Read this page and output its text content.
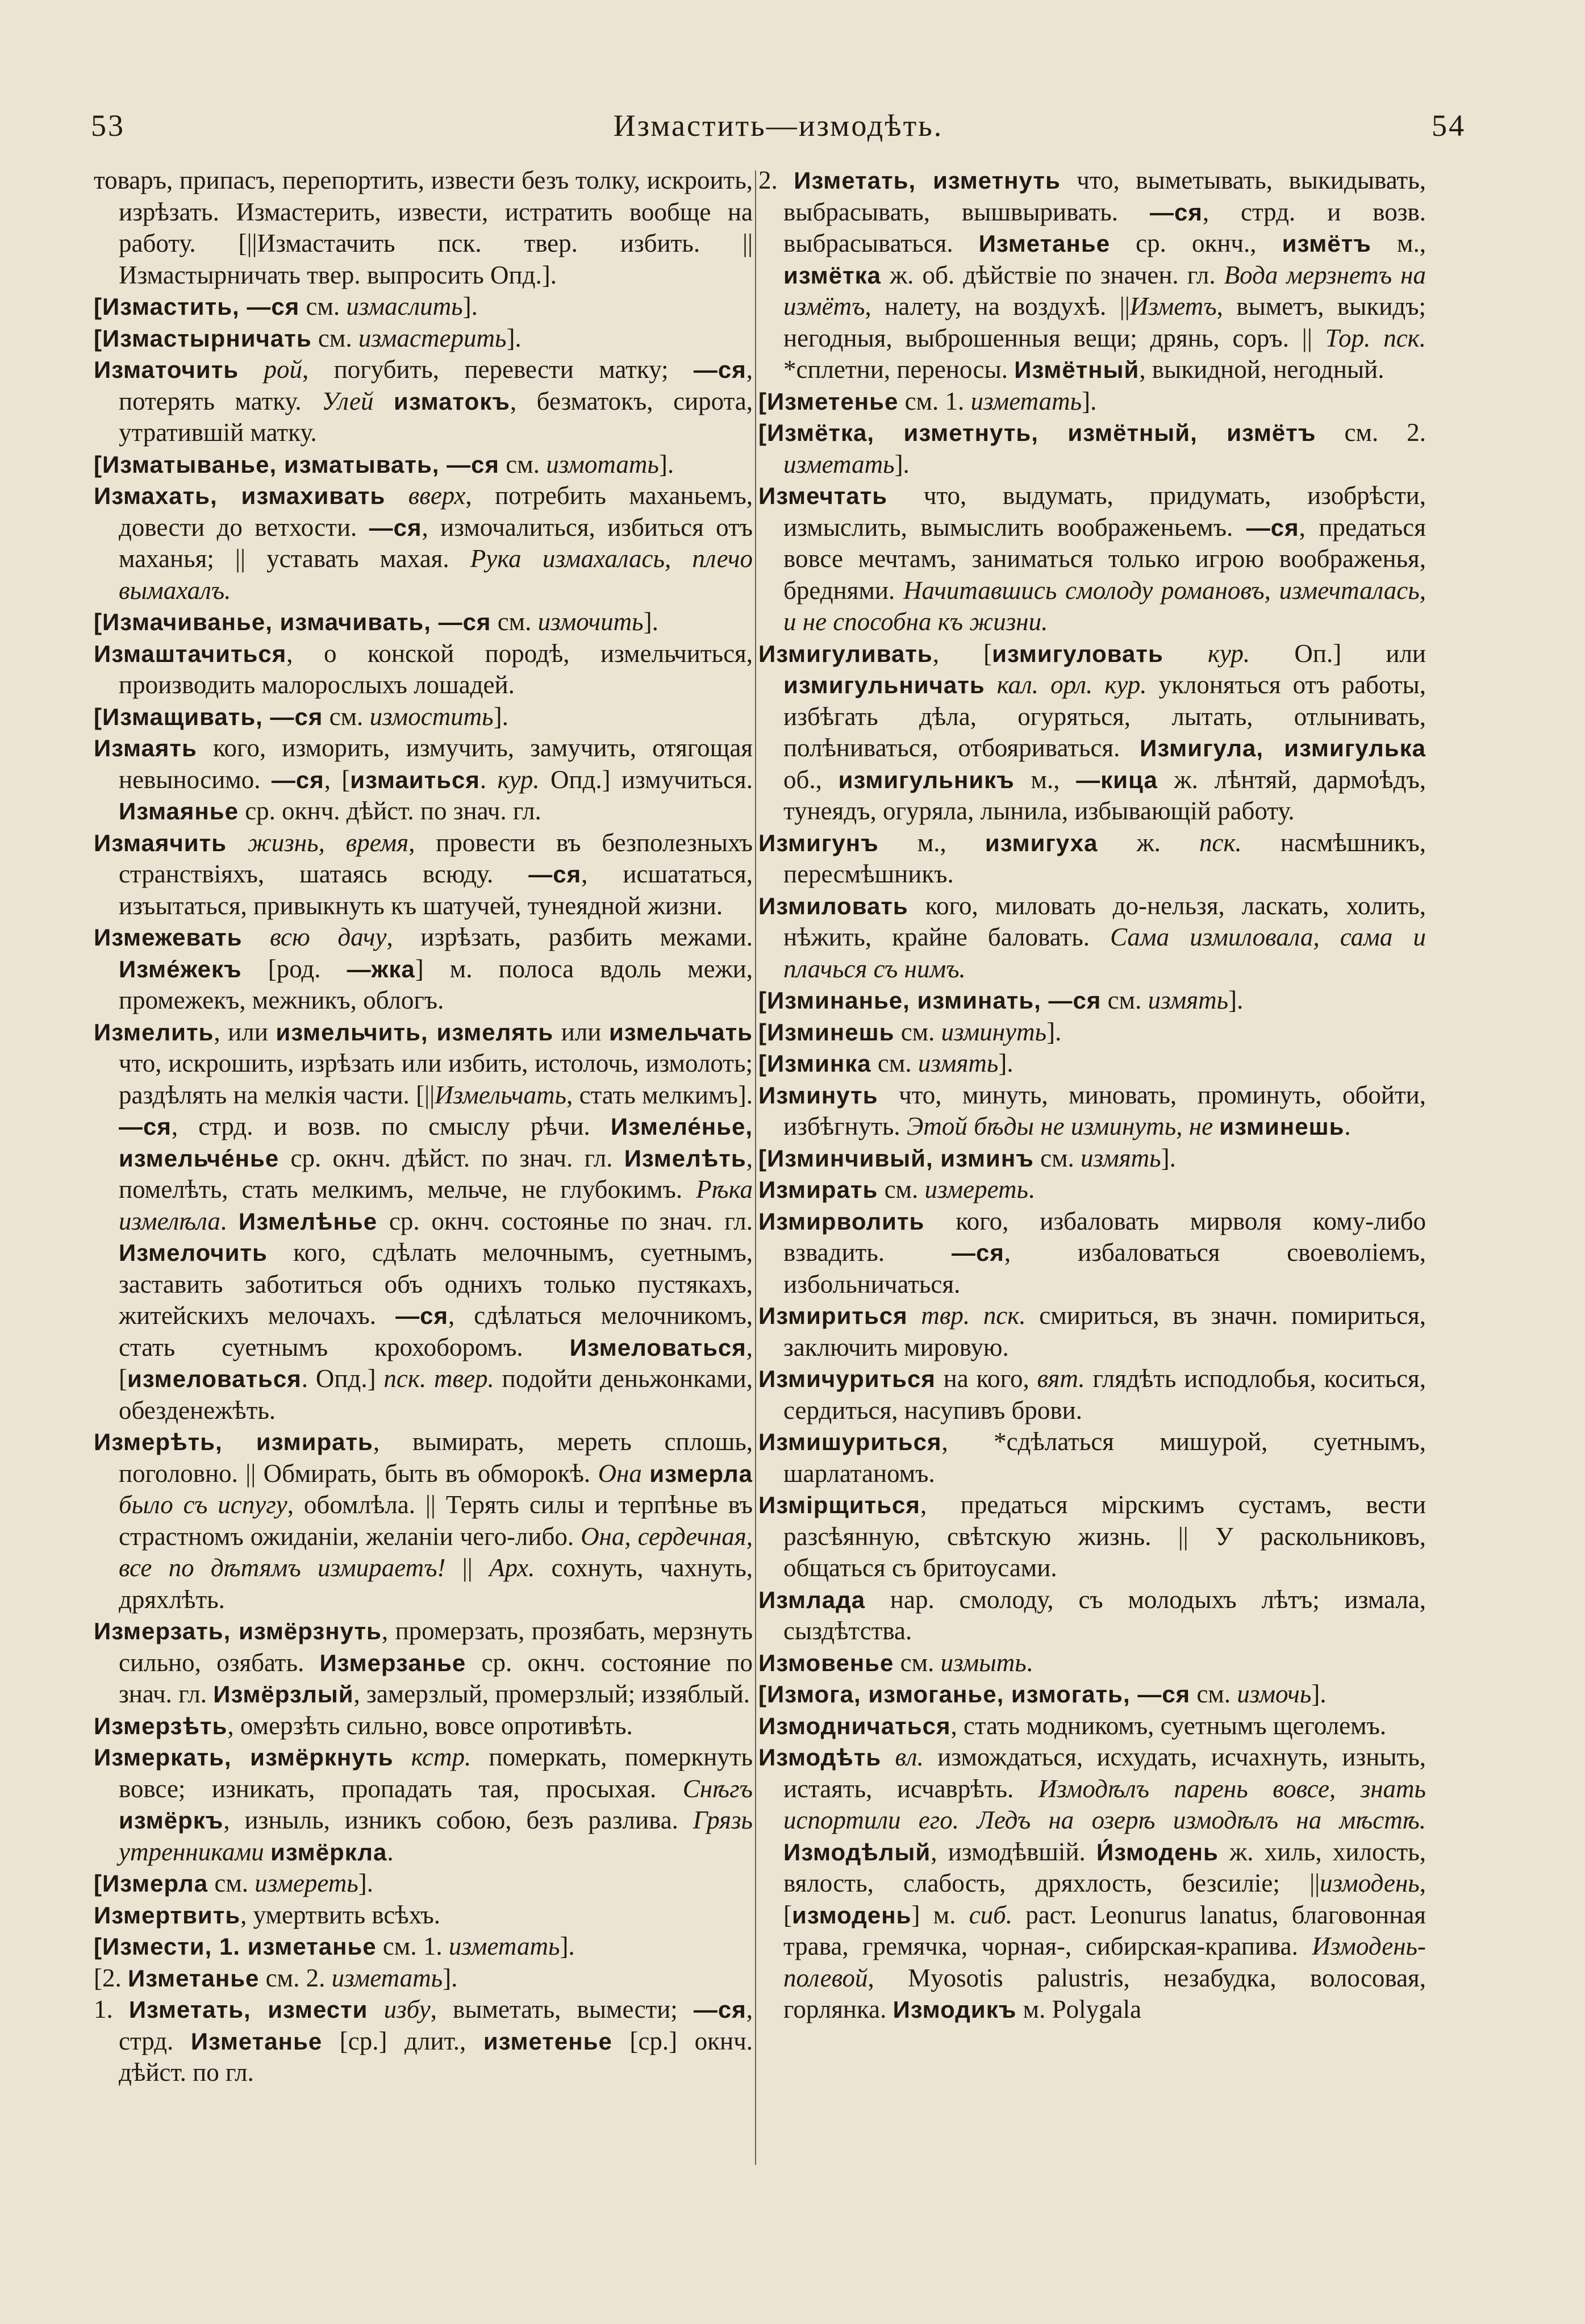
53	Измастить—измодѣть.	54

товаръ, припасъ, перепортить, извести безъ толку, искроить, изрѣзать. Измастерить, извести, истратить вообще на работу. [||Измастачить пск. твер. избить. ||Измастырничать твер. выпросить Опд.].

[Измастить, —ся см. измаслить].

[Измастырничать см. измастерить].

Изматочить рой, погубить, перевести матку; —ся, потерять матку. Улей изматокъ, безматокъ, сирота, утратившій матку.

[Изматыванье, изматывать, —ся см. измотать].

Измахать, измахивать вверх, потребить маханьемъ, довести до ветхости. —ся, измочалиться, избиться отъ маханья; || уставать махая. Рука измахалась, плечо вымахалъ.

[Измачиванье, измачивать, —ся см. измочить].

Измаштачиться, о конской породѣ, измельчиться, производить малорослыхъ лошадей.

[Измащивать, —ся см. измостить].

Измаять кого, изморить, измучить, замучить, отягощая невыносимо. —ся, [измаиться. кур. Опд.] измучиться. Измаянье ср. окнч. дѣйст. по знач. гл.

Измаячить жизнь, время, провести въ безполезныхъ странствіяхъ, шатаясь всюду. —ся, исшататься, изъытаться, привыкнуть къ шатучей, тунеядной жизни.

Измежевать всю дачу, изрѣзать, разбить межами. Изме́жекъ [род. —жка] м. полоса вдоль межи, промежекъ, межникъ, облогъ.

Измелить, или измельчить, измелять или измельчать что, искрошить, изрѣзать или избить, истолочь, измолоть; раздѣлять на мелкія части. [||Измельчать, стать мелкимъ]. —ся, стрд. и возв. по смыслу рѣчи. Измеле́нье, измельче́нье ср. окнч. дѣйст. по знач. гл. Измелѣть, помелѣть, стать мелкимъ, мельче, не глубокимъ. Рѣка измелѣла. Измелѣнье ср. окнч. состоянье по знач. гл. Измелочить кого, сдѣлать мелочнымъ, суетнымъ, заставить заботиться объ однихъ только пустякахъ, житейскихъ мелочахъ. —ся, сдѣлаться мелочникомъ, стать суетнымъ крохоборомъ. Измеловаться, [измеловаться. Опд.] пск. твер. подойти деньжонками, обезденежѣть.

Измерѣть, измирать, вымирать, мереть сплошь, поголовно. || Обмирать, быть въ обморокѣ. Она измерла было съ испугу, обомлѣла. || Терять силы и терпѣнье въ страстномъ ожиданіи, желаніи чего-либо. Она, сердечная, все по дѣтямъ измираетъ! || Арх. сохнуть, чахнуть, дряхлѣть.

Измерзать, измёрзнуть, промерзать, прозябать, мерзнуть сильно, озябать. Измерзанье ср. окнч. состояние по знач. гл. Измёрзлый, замерзлый, промерзлый; иззяблый.

Измерзѣть, омерзѣть сильно, вовсе опротивѣть.

Измеркать, измёркнуть кстр. померкать, померкнуть вовсе; изникать, пропадать тая, просыхая. Снѣгъ измёркъ, изныль, изникъ собою, безъ разлива. Грязь утренниками измёркла.

[Измерла см. измереть].

Измертвить, умертвить всѣхъ.

[Измести, 1. изметанье см. 1. изметать].

[2. Изметанье см. 2. изметать].

1. Изметать, измести избу, выметать, вымести; —ся, стрд. Изметанье [ср.] длит., изметенье [ср.] окнч. дѣйст. по гл.

2. Изметать, изметнуть что, выметывать, выкидывать, выбрасывать, вышвыривать. —ся, стрд. и возв. выбрасываться. Изметанье ср. окнч., измётъ м., измётка ж. об. дѣйствіе по значен. гл. Вода мерзнетъ на измётъ, налету, на воздухѣ. ||Изметъ, выметъ, выкидъ; негодныя, выброшенныя вещи; дрянь, соръ. || Тор. пск. *сплетни, переносы. Измётный, выкидной, негодный.

[Изметенье см. 1. изметать].

[Измётка, изметнуть, измётный, измётъ см. 2. изметать].

Измечтать что, выдумать, придумать, изобрѣсти, измыслить, вымыслить воображеньемъ. —ся, предаться вовсе мечтамъ, заниматься только игрою воображенья, бреднями. Начитавшись смолоду романовъ, измечталась, и не способна къ жизни.

Измигуливать, [измигуловать кур. Оп.] или измигульничать кал. орл. кур. уклоняться отъ работы, избѣгать дѣла, огуряться, лытать, отлынивать, полѣниваться, отбояриваться. Измигула, измигулька об., измигульникъ м., —кица ж. лѣнтяй, дармоѣдъ, тунеядъ, огуряла, лынила, избывающій работу.

Измигунъ м., измигуха ж. пск. насмѣшникъ, пересмѣшникъ.

Измиловать кого, миловать до-нельзя, ласкать, холить, нѣжить, крайне баловать. Сама измиловала, сама и плачься съ нимъ.

[Изминанье, изминать, —ся см. измять].

[Изминешь см. изминуть].

[Изминка см. измять].

Изминуть что, минуть, миновать, проминуть, обойти, избѣгнуть. Этой бѣды не изминуть, не изминешь.

[Изминчивый, изминъ см. измять].

Измирать см. измереть.

Измирволить кого, избаловать мирволя кому-либо взвадить. —ся, избаловаться своеволіемъ, избольничаться.

Измириться твр. пск. смириться, въ значн. помириться, заключить мировую.

Измичуриться на кого, вят. глядѣть исподлобья, коситься, сердиться, насупивъ брови.

Измишуриться, *сдѣлаться мишурой, суетнымъ, шарлатаномъ.

Измірщиться, предаться мірскимъ сустамъ, вести разсѣянную, свѣтскую жизнь. || У раскольниковъ, общаться съ бритоусами.

Измлада нар. смолоду, съ молодыхъ лѣтъ; измала, сыздѣтства.

Измовенье см. измыть.

[Измога, измоганье, измогать, —ся см. измочь].

Измодничаться, стать модникомъ, суетнымъ щеголемъ.

Измодѣть вл. измождаться, исхудать, исчахнуть, изныть, истаять, исчаврѣть. Измодѣлъ парень вовсе, знать испортили его. Ледъ на озерѣ измодѣлъ на мѣстѣ. Измодѣлый, измодѣвшій. И́змодень ж. хиль, хилость, вялость, слабость, дряхлость, безсиліе; ||измодень, [измодень] м. сиб. раст. Leonurus lanatus, благовонная трава, гремячка, чорная-, сибирская-крапива. Измодень-полевой, Myosotis palustris, незабудка, волосовая, горлянка. Измодикъ м. Polygala
